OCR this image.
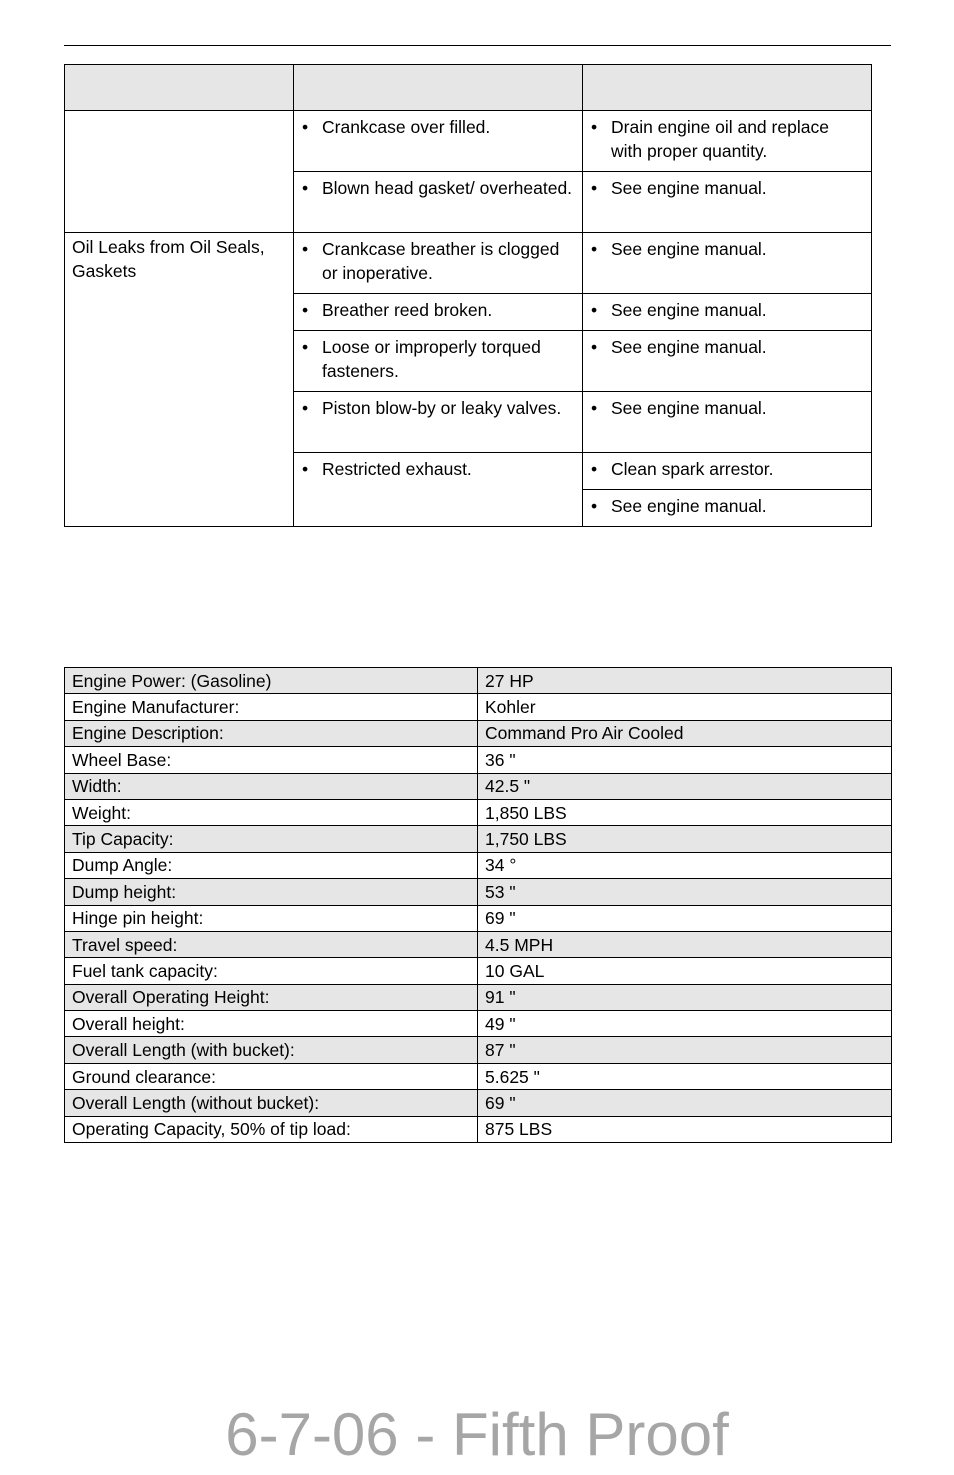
	• Crankcase over filled.	• Drain engine oil and replace with proper quantity.

	• Blown head gasket/ overheated.	• See engine manual.

Oil Leaks from Oil Seals, Gaskets	• Crankcase breather is clogged or inoperative.	• See engine manual.

	• Breather reed broken.	• See engine manual.

	• Loose or improperly torqued fasteners.	• See engine manual.

	• Piston blow-by or leaky valves.	• See engine manual.

	• Restricted exhaust.	• Clean spark arrestor.

		• See engine manual.
Engine Power: (Gasoline)	27 HP
Engine Manufacturer:	Kohler
Engine Description:	Command Pro Air Cooled
Wheel Base:	36 "
Width:	42.5 "
Weight:	1,850 LBS
Tip Capacity:	1,750 LBS
Dump Angle:	34 °
Dump height:	53 "
Hinge pin height:	69 "
Travel speed:	4.5 MPH
Fuel tank capacity:	10 GAL
Overall Operating Height:	91 "
Overall height:	49 "
Overall Length (with bucket):	87 "
Ground clearance:	5.625 "
Overall Length (without bucket):	69 "
Operating Capacity, 50% of tip load:	875 LBS
6-7-06 - Fifth Proof
